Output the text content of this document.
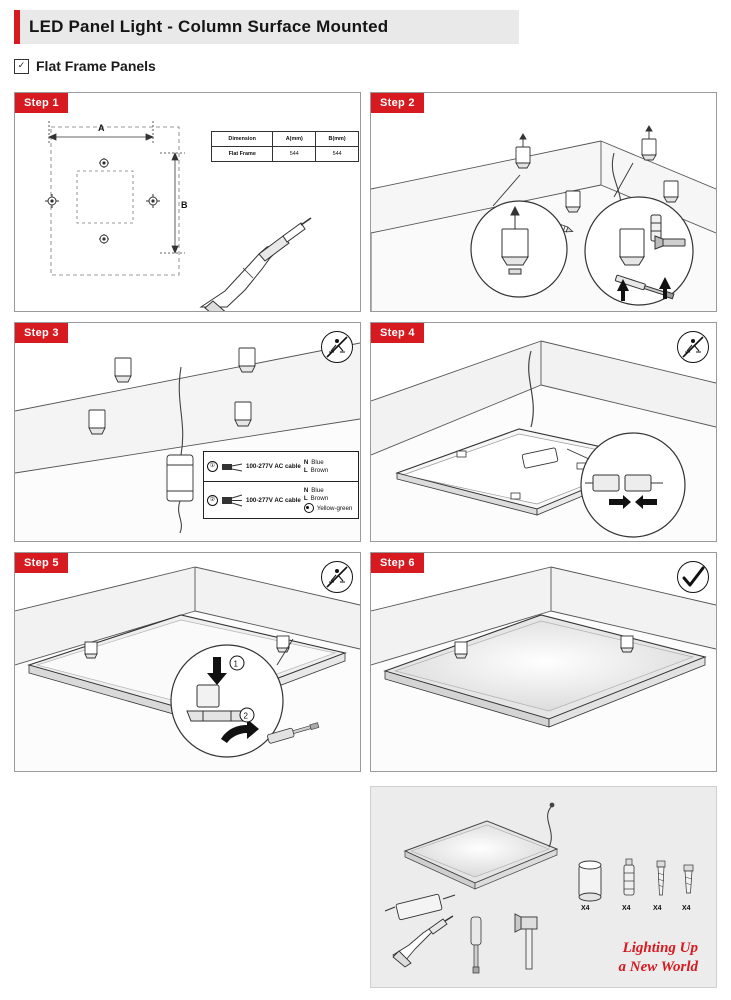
LED Panel Light - Column Surface Mounted
✓ Flat Frame Panels
Step 1
A
B
Dimension	A(mm)	B(mm)
Flat Frame	544	544
Step 2
Step 3
①	100-277V AC cable
N Blue
L Brown
②	100-277V AC cable
N Blue
L Brown
Yellow-green
Step 4
Step 5
1
2
Step 6
X4	X4	X4	X4
Lighting Up
a New World
